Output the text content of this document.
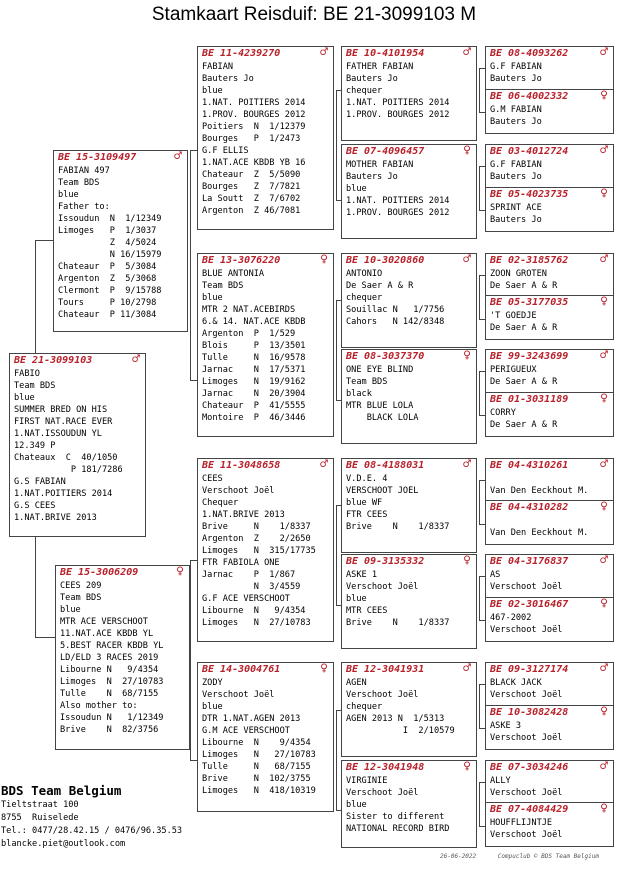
Stamkaart Reisduif: BE 21-3099103 M
BE 21-3099103	♂
FABIO
Team BDS
blue
SUMMER BRED ON HIS
FIRST NAT.RACE EVER
1.NAT.ISSOUDUN YL
12.349 P
Chateaux  C  40/1050
P 181/7286
G.S FABIAN
1.NAT.POITIERS 2014
G.S CEES
1.NAT.BRIVE 2013
BE 15-3109497	♂
FABIAN 497
Team BDS
blue
Father to:
Issoudun  N  1/12349
Limoges   P  1/3037
Z  4/5024
N 16/15979
Chateaur  P  5/3084
Argenton  Z  5/3068
Clermont  P  9/15788
Tours     P 10/2798
Chateaur  P 11/3084
BE 15-3006209	♀
CEES 209
Team BDS
blue
MTR ACE VERSCHOOT
11.NAT.ACE KBDB YL
5.BEST RACER KBDB YL
LD/ELD 3 RACES 2019
Libourne N   9/4354
Limoges  N  27/10783
Tulle    N  68/7155
Also mother to:
Issoudun N   1/12349
Brive    N  82/3756
BE 11-4239270	♂
FABIAN
Bauters Jo
blue
1.NAT. POITIERS 2014
1.PROV. BOURGES 2012
Poitiers  N  1/12379
Bourges   P  1/2473
G.F ELLIS
1.NAT.ACE KBDB YB 16
Chateaur  Z  5/5090
Bourges   Z  7/7821
La Soutt  Z  7/6702
Argenton  Z 46/7081
BE 13-3076220	♀
BLUE ANTONIA
Team BDS
blue
MTR 2 NAT.ACEBIRDS
6.& 14. NAT.ACE KBDB
Argenton  P  1/529
Blois     P  13/3501
Tulle     N  16/9578
Jarnac    N  17/5371
Limoges   N  19/9162
Jarnac    N  20/3904
Chateaur  P  41/5555
Montoire  P  46/3446
BE 11-3048658	♂
CEES
Verschoot Joël
Chequer
1.NAT.BRIVE 2013
Brive     N    1/8337
Argenton  Z    2/2650
Limoges   N  315/17735
FTR FABIOLA ONE
Jarnac    P  1/867
N  3/4559
G.F ACE VERSCHOOT
Libourne  N   9/4354
Limoges   N  27/10783
BE 14-3004761	♀
ZODY
Verschoot Joël
blue
DTR 1.NAT.AGEN 2013
G.M ACE VERSCHOOT
Libourne  N    9/4354
Limoges   N   27/10783
Tulle     N   68/7155
Brive     N  102/3755
Limoges   N  418/10319
BE 10-4101954	♂
FATHER FABIAN
Bauters Jo
chequer
1.NAT. POITIERS 2014
1.PROV. BOURGES 2012
BE 07-4096457	♀
MOTHER FABIAN
Bauters Jo
blue
1.NAT. POITIERS 2014
1.PROV. BOURGES 2012
BE 10-3020860	♂
ANTONIO
De Saer A & R
chequer
Souillac N   1/7756
Cahors   N 142/8348
BE 08-3037370	♀
ONE EYE BLIND
Team BDS
black
MTR BLUE LOLA
BLACK LOLA
BE 08-4188031	♂
V.D.E. 4
VERSCHOOT JOEL
blue WF
FTR CEES
Brive    N    1/8337
BE 09-3135332	♀
ASKE 1
Verschoot Joël
blue
MTR CEES
Brive    N    1/8337
BE 12-3041931	♂
AGEN
Verschoot Joël
chequer
AGEN 2013 N  1/5313
I  2/10579
BE 12-3041948	♀
VIRGINIE
Verschoot Joël
blue
Sister to different
NATIONAL RECORD BIRD
BE 08-4093262 ♂
G.F FABIAN
Bauters Jo
BE 06-4002332 ♀
G.M FABIAN
Bauters Jo
BE 03-4012724 ♂
G.F FABIAN
Bauters Jo
BE 05-4023735 ♀
SPRINT ACE
Bauters Jo
BE 02-3185762 ♂
ZOON GROTEN
De Saer A & R
BE 05-3177035 ♀
'T GOEDJE
De Saer A & R
BE 99-3243699 ♂
PERIGUEUX
De Saer A & R
BE 01-3031189 ♀
CORRY
De Saer A & R
BE 04-4310261 ♂

Van Den Eeckhout M.
BE 04-4310282 ♀

Van Den Eeckhout M.
BE 04-3176837 ♂
AS
Verschoot Joël
BE 02-3016467 ♀
467-2002
Verschoot Joël
BE 09-3127174 ♂
BLACK JACK
Verschoot Joël
BE 10-3082428 ♀
ASKE 3
Verschoot Joël
BE 07-3034246 ♂
ALLY
Verschoot Joël
BE 07-4084429 ♀
HOUFFLIJNTJE
Verschoot Joël
BDS Team Belgium
Tieltstraat 100
8755  Ruiselede
Tel.: 0477/28.42.15 / 0476/96.35.53
blancke.piet@outlook.com
26-06-2022      Compuclub © BDS Team Belgium
